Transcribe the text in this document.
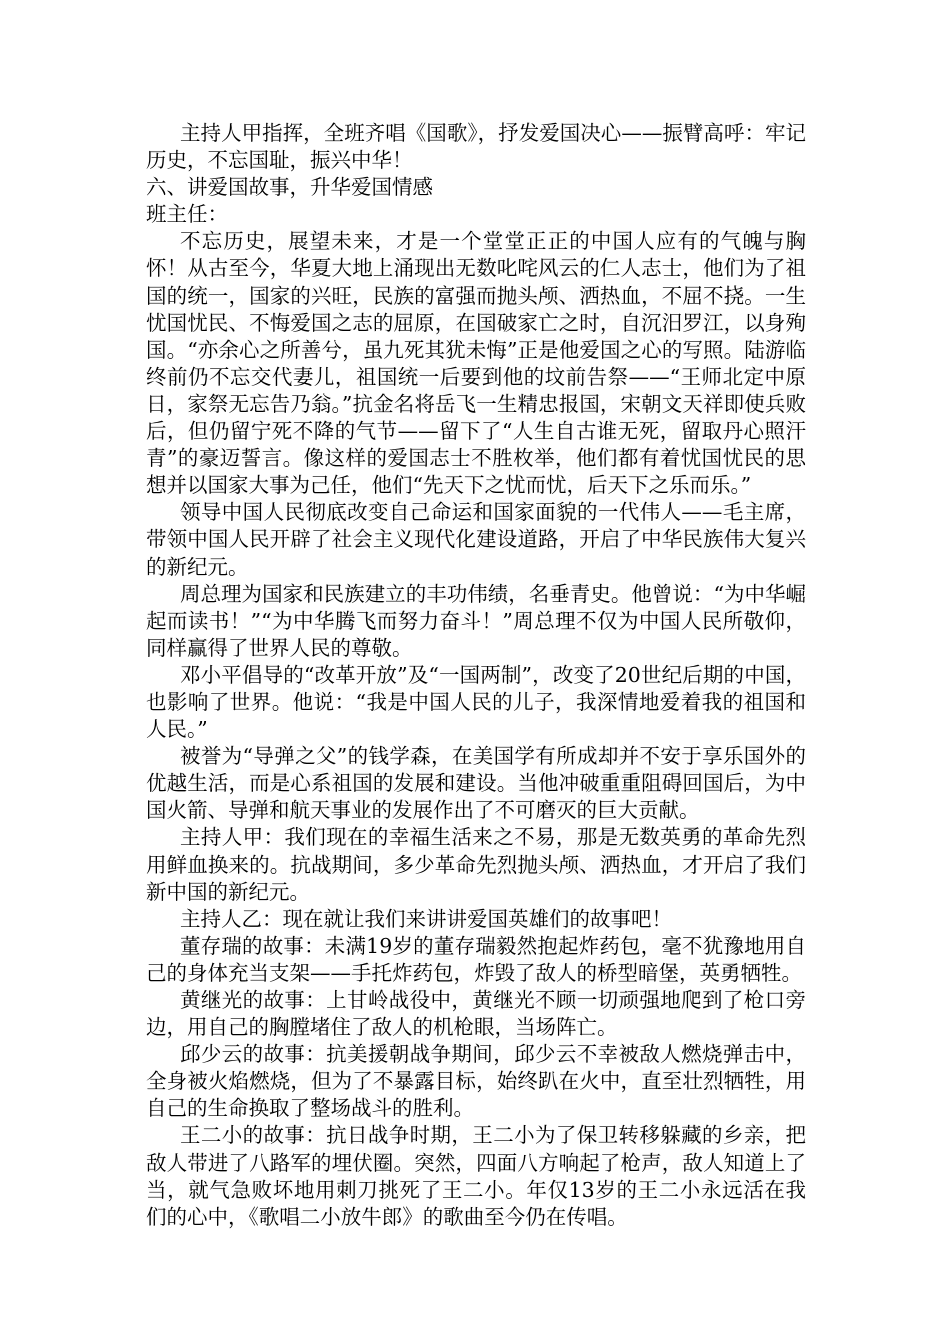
主持人甲指挥，全班齐唱《国歌》，抒发爱国决心——振臂高呼：牢记历史，不忘国耻，振兴中华！

六、讲爱国故事，升华爱国情感

班主任：

不忘历史，展望未来，才是一个堂堂正正的中国人应有的气魄与胸怀！从古至今，华夏大地上涌现出无数叱咤风云的仁人志士，他们为了祖国的统一，国家的兴旺，民族的富强而抛头颅、洒热血，不屈不挠。一生忧国忧民、不悔爱国之志的屈原，在国破家亡之时，自沉汨罗江，以身殉国。“亦余心之所善兮，虽九死其犹未悔”正是他爱国之心的写照。陆游临终前仍不忘交代妻儿，祖国统一后要到他的坟前告祭——“王师北定中原日，家祭无忘告乃翁。”抗金名将岳飞一生精忠报国，宋朝文天祥即使兵败后，但仍留宁死不降的气节——留下了“人生自古谁无死，留取丹心照汗青”的豪迈誓言。像这样的爱国志士不胜枚举，他们都有着忧国忧民的思想并以国家大事为己任，他们“先天下之忧而忧，后天下之乐而乐。”

领导中国人民彻底改变自己命运和国家面貌的一代伟人——毛主席，带领中国人民开辟了社会主义现代化建设道路，开启了中华民族伟大复兴的新纪元。

周总理为国家和民族建立的丰功伟绩，名垂青史。他曾说：“为中华崛起而读书！”“为中华腾飞而努力奋斗！”周总理不仅为中国人民所敬仰，同样赢得了世界人民的尊敬。

邓小平倡导的“改革开放”及“一国两制”，改变了20世纪后期的中国，也影响了世界。他说：“我是中国人民的儿子，我深情地爱着我的祖国和人民。”

被誉为“导弹之父”的钱学森，在美国学有所成却并不安于享乐国外的优越生活，而是心系祖国的发展和建设。当他冲破重重阻碍回国后，为中国火箭、导弹和航天事业的发展作出了不可磨灭的巨大贡献。

主持人甲：我们现在的幸福生活来之不易，那是无数英勇的革命先烈用鲜血换来的。抗战期间，多少革命先烈抛头颅、洒热血，才开启了我们新中国的新纪元。

主持人乙：现在就让我们来讲讲爱国英雄们的故事吧！

董存瑞的故事：未满19岁的董存瑞毅然抱起炸药包，毫不犹豫地用自己的身体充当支架——手托炸药包，炸毁了敌人的桥型暗堡，英勇牺牲。

黄继光的故事：上甘岭战役中，黄继光不顾一切顽强地爬到了枪口旁边，用自己的胸膛堵住了敌人的机枪眼，当场阵亡。

邱少云的故事：抗美援朝战争期间，邱少云不幸被敌人燃烧弹击中，全身被火焰燃烧，但为了不暴露目标，始终趴在火中，直至壮烈牺牲，用自己的生命换取了整场战斗的胜利。

王二小的故事：抗日战争时期，王二小为了保卫转移躲藏的乡亲，把敌人带进了八路军的埋伏圈。突然，四面八方响起了枪声，敌人知道上了当，就气急败坏地用刺刀挑死了王二小。年仅13岁的王二小永远活在我们的心中，《歌唱二小放牛郎》的歌曲至今仍在传唱。
